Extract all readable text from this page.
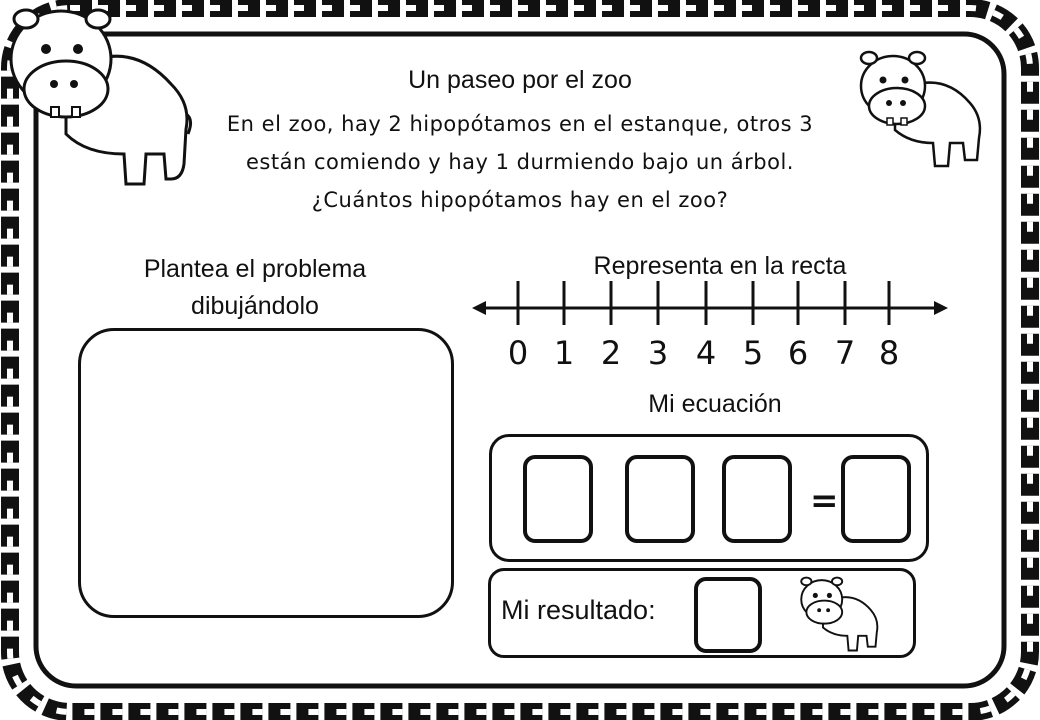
Un paseo por el zoo
En el zoo, hay 2 hipopótamos en el estanque, otros 3
están comiendo y hay 1 durmiendo bajo un árbol.
¿Cuántos hipopótamos hay en el zoo?
Plantea el problema
dibujándolo
Representa en la recta
0 1 2 3 4 5 6 7 8
Mi ecuación
=
Mi resultado:
